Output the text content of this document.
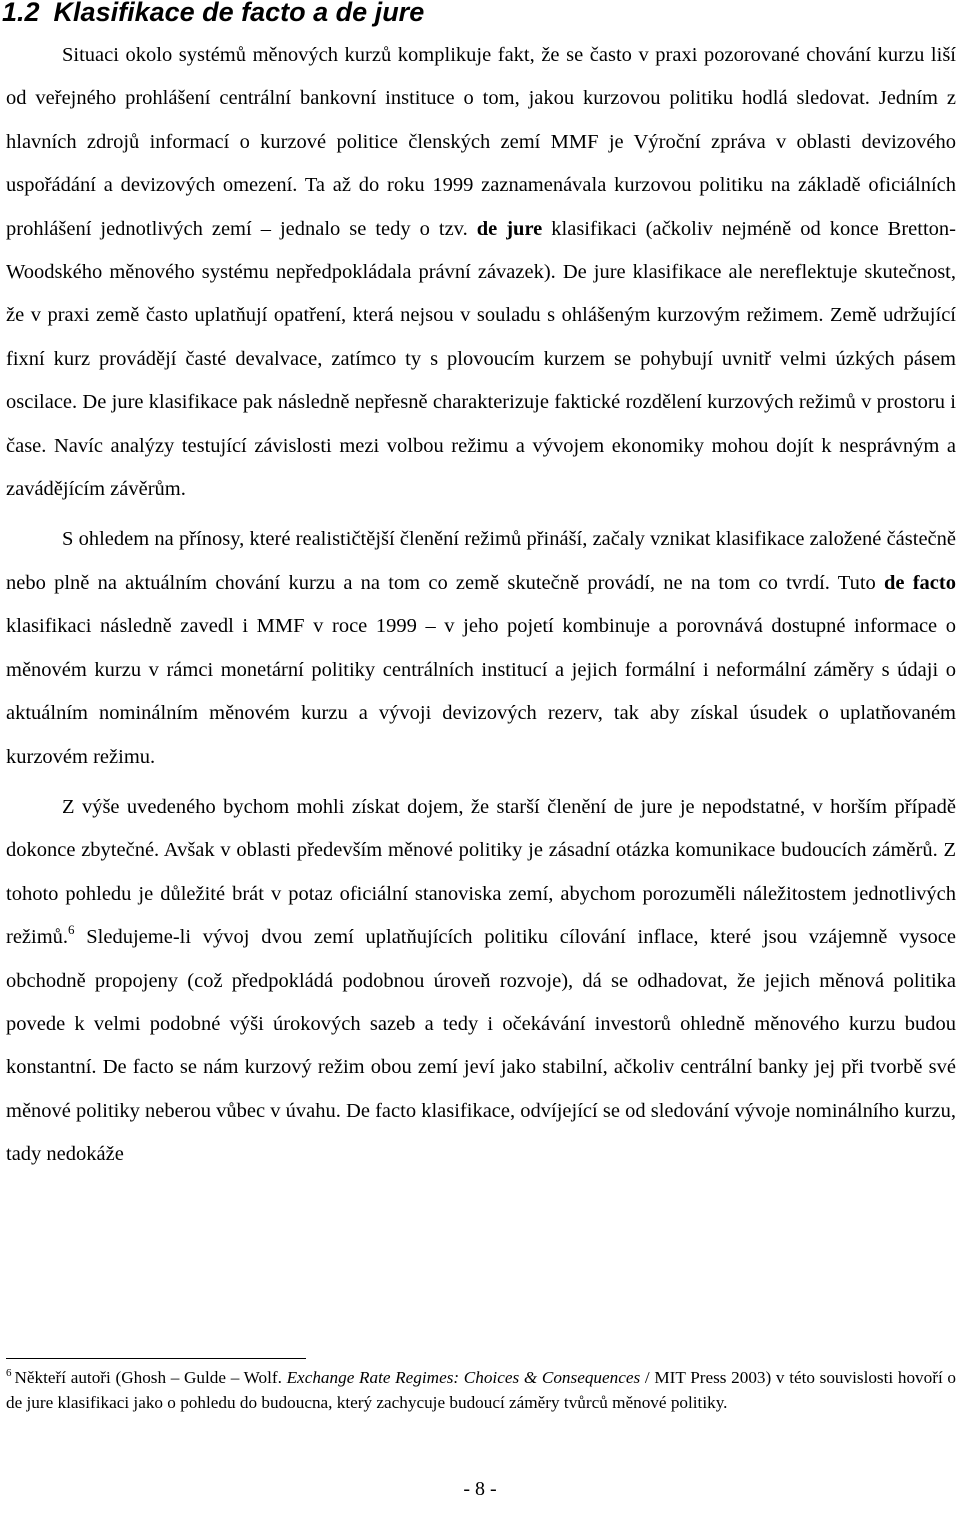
1.2 Klasifikace de facto a de jure

Situaci okolo systémů měnových kurzů komplikuje fakt, že se často v praxi pozorované chování kurzu liší od veřejného prohlášení centrální bankovní instituce o tom, jakou kurzovou politiku hodlá sledovat. Jedním z hlavních zdrojů informací o kurzové politice členských zemí MMF je Výroční zpráva v oblasti devizového uspořádání a devizových omezení. Ta až do roku 1999 zaznamenávala kurzovou politiku na základě oficiálních prohlášení jednotlivých zemí – jednalo se tedy o tzv. de jure klasifikaci (ačkoliv nejméně od konce Bretton-Woodského měnového systému nepředpokládala právní závazek). De jure klasifikace ale nereflektuje skutečnost, že v praxi země často uplatňují opatření, která nejsou v souladu s ohlášeným kurzovým režimem. Země udržující fixní kurz provádějí časté devalvace, zatímco ty s plovoucím kurzem se pohybují uvnitř velmi úzkých pásem oscilace. De jure klasifikace pak následně nepřesně charakterizuje faktické rozdělení kurzových režimů v prostoru i čase. Navíc analýzy testující závislosti mezi volbou režimu a vývojem ekonomiky mohou dojít k nesprávným a zavádějícím závěrům.

S ohledem na přínosy, které realističtější členění režimů přináší, začaly vznikat klasifikace založené částečně nebo plně na aktuálním chování kurzu a na tom co země skutečně provádí, ne na tom co tvrdí. Tuto de facto klasifikaci následně zavedl i MMF v roce 1999 – v jeho pojetí kombinuje a porovnává dostupné informace o měnovém kurzu v rámci monetární politiky centrálních institucí a jejich formální i neformální záměry s údaji o aktuálním nominálním měnovém kurzu a vývoji devizových rezerv, tak aby získal úsudek o uplatňovaném kurzovém režimu.

Z výše uvedeného bychom mohli získat dojem, že starší členění de jure je nepodstatné, v horším případě dokonce zbytečné. Avšak v oblasti především měnové politiky je zásadní otázka komunikace budoucích záměrů. Z tohoto pohledu je důležité brát v potaz oficiální stanoviska zemí, abychom porozuměli náležitostem jednotlivých režimů.$^6$ Sledujeme-li vývoj dvou zemí uplatňujících politiku cílování inflace, které jsou vzájemně vysoce obchodně propojeny (což předpokládá podobnou úroveň rozvoje), dá se odhadovat, že jejich měnová politika povede k velmi podobné výši úrokových sazeb a tedy i očekávání investorů ohledně měnového kurzu budou konstantní. De facto se nám kurzový režim obou zemí jeví jako stabilní, ačkoliv centrální banky jej při tvorbě své měnové politiky neberou vůbec v úvahu. De facto klasifikace, odvíjející se od sledování vývoje nominálního kurzu, tady nedokáže

$^6$ Někteří autoři (Ghosh – Gulde – Wolf. Exchange Rate Regimes: Choices & Consequences / MIT Press 2003) v této souvislosti hovoří o de jure klasifikaci jako o pohledu do budoucna, který zachycuje budoucí záměry tvůrců měnové politiky.
- 8 -
